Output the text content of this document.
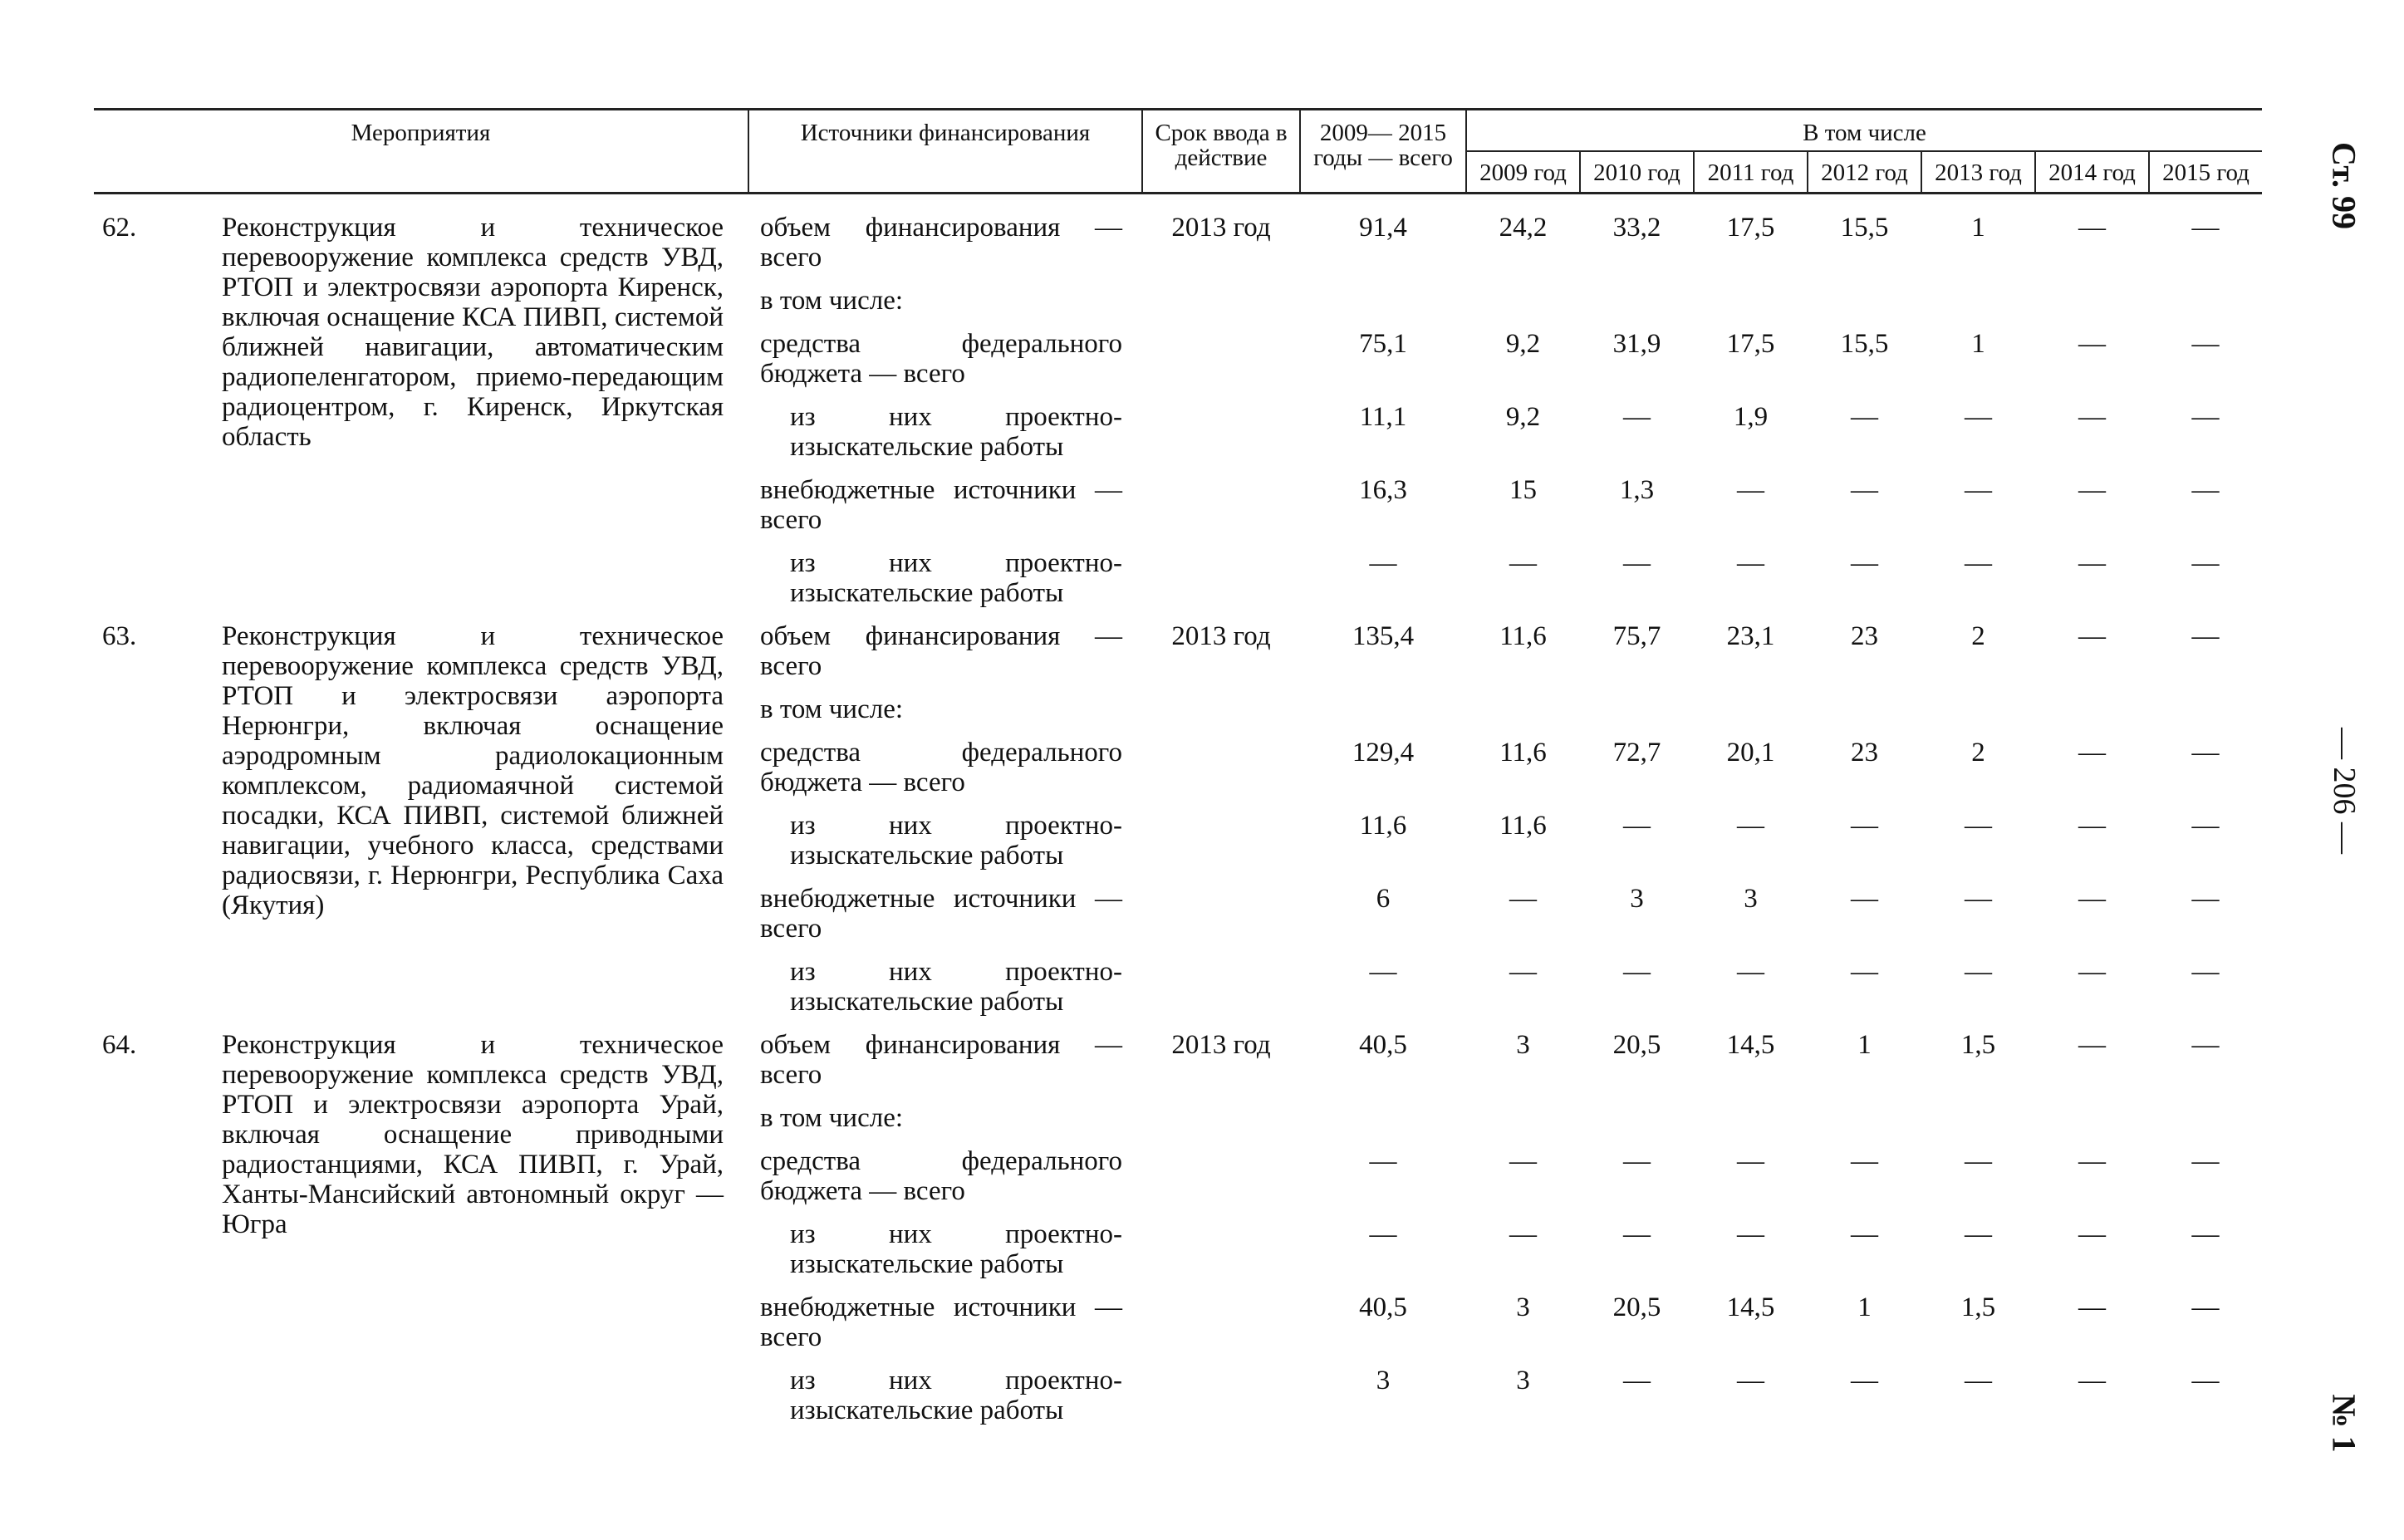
Мероприятия		Источники финансирования	Срок ввода в действие	2009— 2015 годы — всего	В том числе						
					2009 год	2010 год	2011 год	2012 год	2013 год	2014 год	2015 год

62.	Реконструкция и техническое перевооружение комплекса средств УВД, РТОП и электросвязи аэропорта Киренск, включая оснащение КСА ПИВП, системой ближней навигации, автоматическим радиопеленгатором, приемо-передающим радиоцентром, г. Киренск, Иркутская область	объем финансирования — всего	2013 год	91,4	24,2	33,2	17,5	15,5	1	—	—
		в том числе:									
		средства федерального бюджета — всего		75,1	9,2	31,9	17,5	15,5	1	—	—
		из них проектно-изыскательские работы		11,1	9,2	—	1,9	—	—	—	—
		внебюджетные источники — всего		16,3	15	1,3	—	—	—	—	—
		из них проектно-изыскательские работы		—	—	—	—	—	—	—	—
63.	Реконструкция и техническое перевооружение комплекса средств УВД, РТОП и электросвязи аэропорта Нерюнгри, включая оснащение аэродромным радиолокационным комплексом, радиомаячной системой посадки, КСА ПИВП, системой ближней навигации, учебного класса, средствами радиосвязи, г. Нерюнгри, Республика Саха (Якутия)	объем финансирования — всего	2013 год	135,4	11,6	75,7	23,1	23	2	—	—
		в том числе:									
		средства федерального бюджета — всего		129,4	11,6	72,7	20,1	23	2	—	—
		из них проектно-изыскательские работы		11,6	11,6	—	—	—	—	—	—
		внебюджетные источники — всего		6	—	3	3	—	—	—	—
		из них проектно-изыскательские работы		—	—	—	—	—	—	—	—
64.	Реконструкция и техническое перевооружение комплекса средств УВД, РТОП и электросвязи аэропорта Урай, включая оснащение приводными радиостанциями, КСА ПИВП, г. Урай, Ханты-Мансийский автономный округ — Югра	объем финансирования — всего	2013 год	40,5	3	20,5	14,5	1	1,5	—	—
		в том числе:									
		средства федерального бюджета — всего		—	—	—	—	—	—	—	—
		из них проектно-изыскательские работы		—	—	—	—	—	—	—	—
		внебюджетные источники — всего		40,5	3	20,5	14,5	1	1,5	—	—
		из них проектно-изыскательские работы		3	3	—	—	—	—	—	—
Ст. 99
— 206 —
№ 1
